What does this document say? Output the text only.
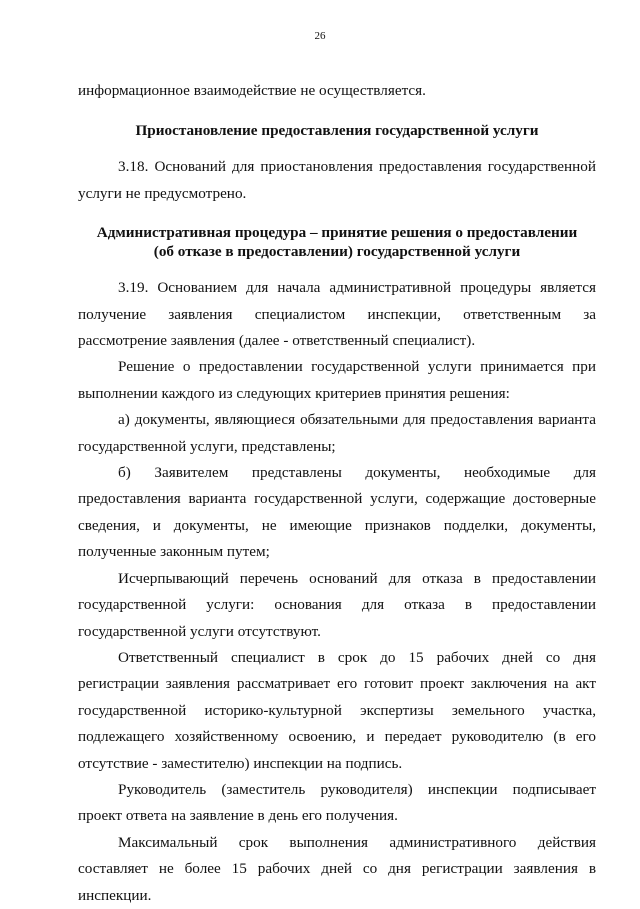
26

информационное взаимодействие не осуществляется.

Приостановление предоставления государственной услуги

3.18. Оснований для приостановления предоставления государственной услуги не предусмотрено.

Административная процедура – принятие решения о предоставлении

(об отказе в предоставлении) государственной услуги

3.19. Основанием для начала административной процедуры является получение заявления специалистом инспекции, ответственным за рассмотрение заявления (далее - ответственный специалист).

Решение о предоставлении государственной услуги принимается при выполнении каждого из следующих критериев принятия решения:

а) документы, являющиеся обязательными для предоставления варианта государственной услуги, представлены;

б) Заявителем представлены документы, необходимые для предоставления варианта государственной услуги, содержащие достоверные сведения, и документы, не имеющие признаков подделки, документы, полученные законным путем;

Исчерпывающий перечень оснований для отказа в предоставлении государственной услуги: основания для отказа в предоставлении

государственной услуги отсутствуют.

Ответственный специалист в срок до 15 рабочих дней со дня регистрации заявления рассматривает его готовит проект заключения на акт государственной историко-культурной экспертизы земельного участка, подлежащего хозяйственному освоению, и передает руководителю (в его отсутствие - заместителю) инспекции на подпись.

Руководитель (заместитель руководителя) инспекции подписывает проект ответа на заявление в день его получения.

Максимальный срок выполнения административного действия составляет не более 15 рабочих дней со дня регистрации заявления в инспекции.
